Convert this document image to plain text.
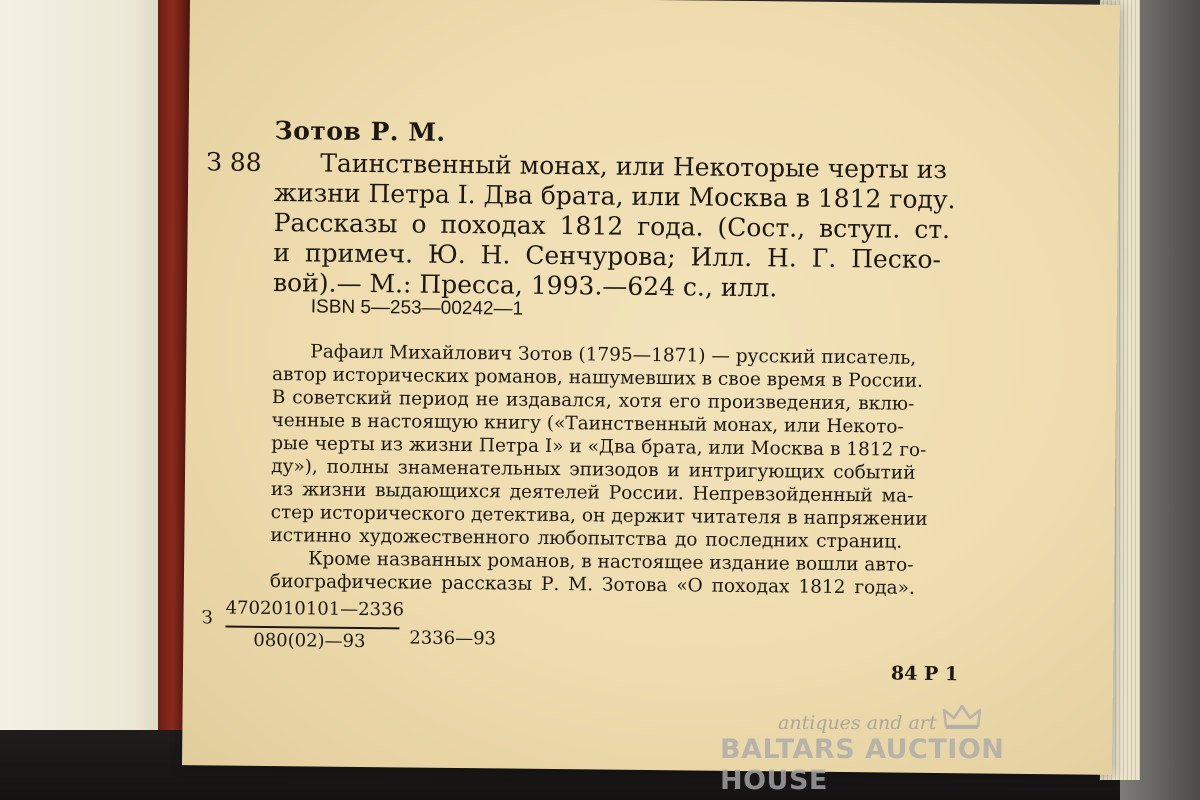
Зотов Р. М.
З 88 Таинственный монах, или Некоторые черты из
жизни Петра I. Два брата, или Москва в 1812 году.
Рассказы о походах 1812 года. (Сост., вступ. ст.
и примеч. Ю. Н. Сенчурова; Илл. Н. Г. Песко-
вой).— М.: Пресса, 1993.—624 с., илл.
ISBN 5—253—00242—1
Рафаил Михайлович Зотов (1795—1871) — русский писатель,
автор исторических романов, нашумевших в свое время в России.
В советский период не издавался, хотя его произведения, вклю-
ченные в настоящую книгу («Таинственный монах, или Некото-
рые черты из жизни Петра I» и «Два брата, или Москва в 1812 го-
ду»), полны знаменательных эпизодов и интригующих событий
из жизни выдающихся деятелей России. Непревзойденный ма-
стер исторического детектива, он держит читателя в напряжении
истинно художественного любопытства до последних страниц.
Кроме названных романов, в настоящее издание вошли авто-
биографические рассказы Р. М. Зотова «О походах 1812 года».
З 4702010101—2336
080(02)—93 2336—93
84 Р 1
antiques and art
BALTARS AUCTION HOUSE
